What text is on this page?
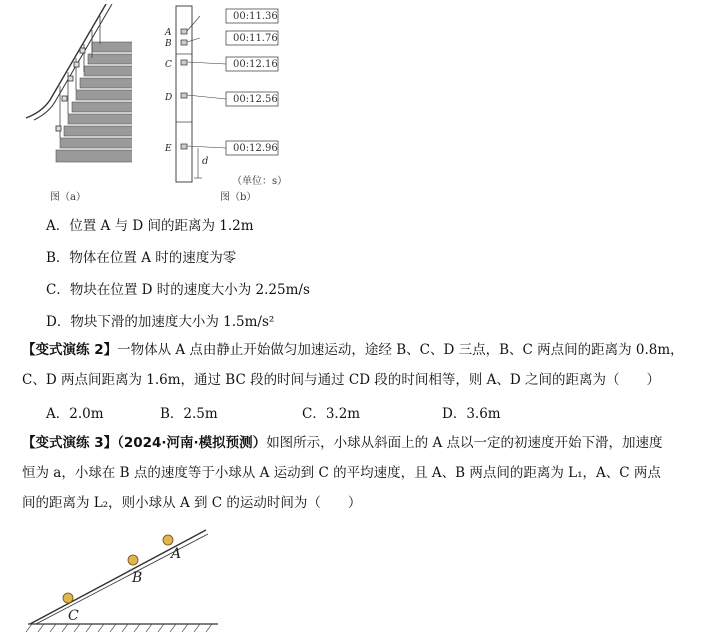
图（a）
A
B
C
D
E
00:11.36
00:11.76
00:12.16
00:12.56
00:12.96
d
（单位：s）
图（b）
A．位置 A 与 D 间的距离为 1.2m
B．物体在位置 A 时的速度为零
C．物块在位置 D 时的速度大小为 2.25m/s
D．物块下滑的加速度大小为 1.5m/s²
【变式演练 2】一物体从 A 点由静止开始做匀加速运动，途经 B、C、D 三点，B、C 两点间的距离为 0.8m，
C、D 两点间距离为 1.6m，通过 BC 段的时间与通过 CD 段的时间相等，则 A、D 之间的距离为（　　）
A．2.0m	B．2.5m	C．3.2m	D．3.6m
【变式演练 3】（2024·河南·模拟预测）如图所示，小球从斜面上的 A 点以一定的初速度开始下滑，加速度
恒为 a，小球在 B 点的速度等于小球从 A 运动到 C 的平均速度，且 A、B 两点间的距离为 L₁，A、C 两点
间的距离为 L₂，则小球从 A 到 C 的运动时间为（　　）
A
B
C
